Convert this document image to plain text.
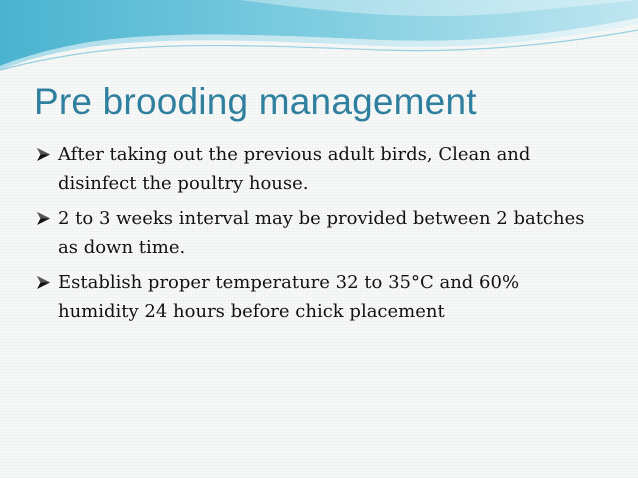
Pre brooding management
After taking out the previous adult birds, Clean and disinfect the poultry house.
2 to 3 weeks interval may be provided between 2 batches as down time.
Establish proper temperature 32 to 35°C and 60% humidity 24 hours before chick placement
